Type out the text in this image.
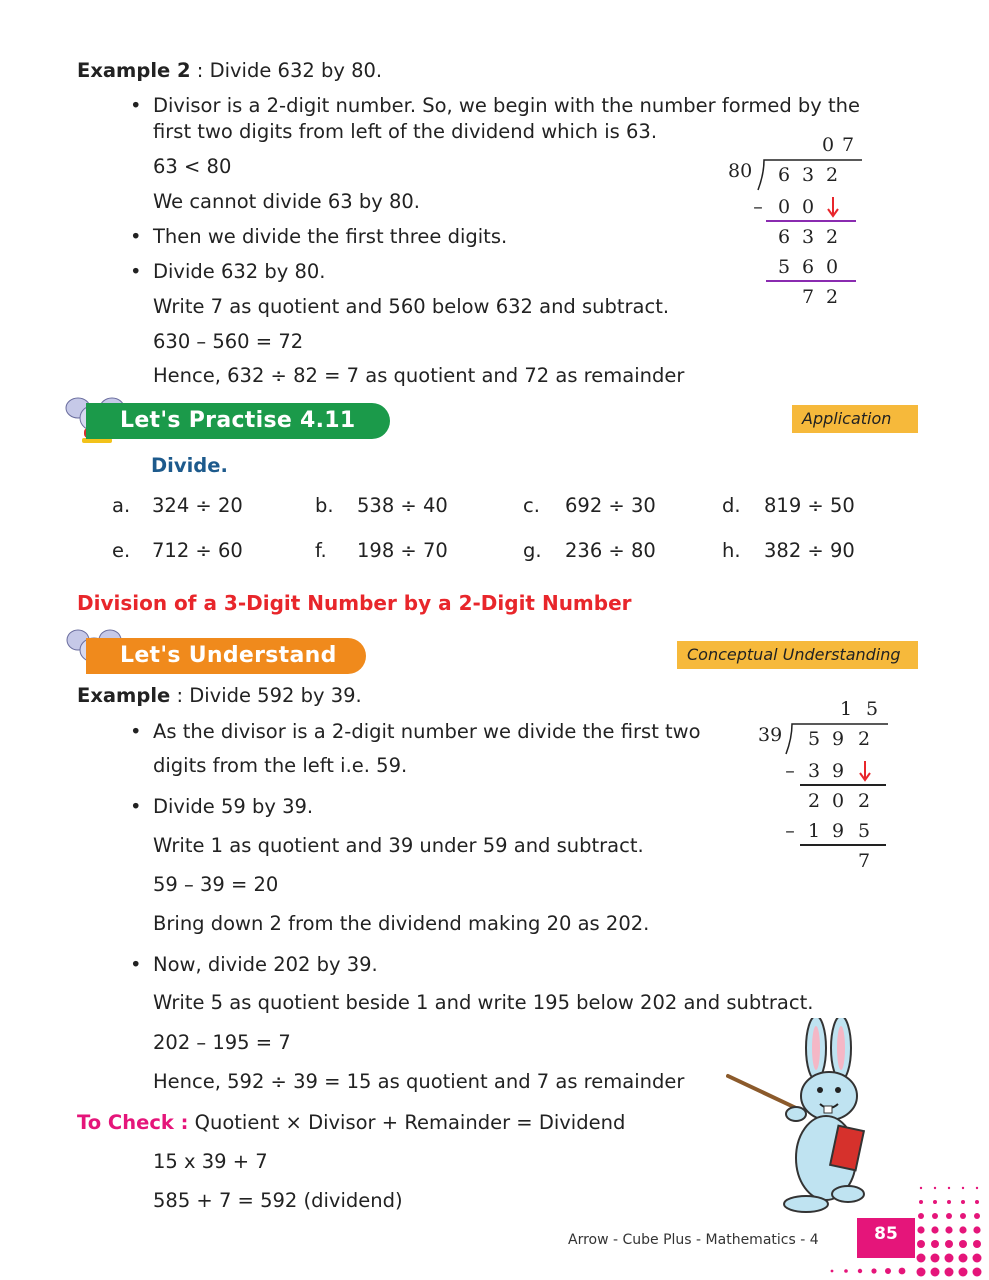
Example 2 : Divide 632 by 80.
• Divisor is a 2-digit number. So, we begin with the number formed by the
first two digits from left of the dividend which is 63.
63 < 80
We cannot divide 63 by 80.
• Then we divide the first three digits.
• Divide 632 by 80.
Write 7 as quotient and 560 below 632 and subtract.
630 – 560 = 72
Hence, 632 ÷ 82 = 7 as quotient and 72 as remainder
0 7
80 6 3 2
– 0 0
6 3 2
5 6 0
7 2
Let's Practise 4.11	Application
Divide.
a. 324 ÷ 20	b. 538 ÷ 40	c. 692 ÷ 30	d. 819 ÷ 50
e. 712 ÷ 60	f. 198 ÷ 70	g. 236 ÷ 80	h. 382 ÷ 90
Division of a 3-Digit Number by a 2-Digit Number
Let's Understand	Conceptual Understanding
Example : Divide 592 by 39.
• As the divisor is a 2-digit number we divide the first two
digits from the left i.e. 59.
• Divide 59 by 39.
Write 1 as quotient and 39 under 59 and subtract.
59 – 39 = 20
Bring down 2 from the dividend making 20 as 202.
• Now, divide 202 by 39.
Write 5 as quotient beside 1 and write 195 below 202 and subtract.
202 – 195 = 7
Hence, 592 ÷ 39 = 15 as quotient and 7 as remainder
1 5
39 5 9 2
– 3 9
2 0 2
– 1 9 5
7
To Check : Quotient × Divisor + Remainder = Dividend
15 x 39 + 7
585 + 7 = 592 (dividend)
Arrow - Cube Plus - Mathematics - 4	85
